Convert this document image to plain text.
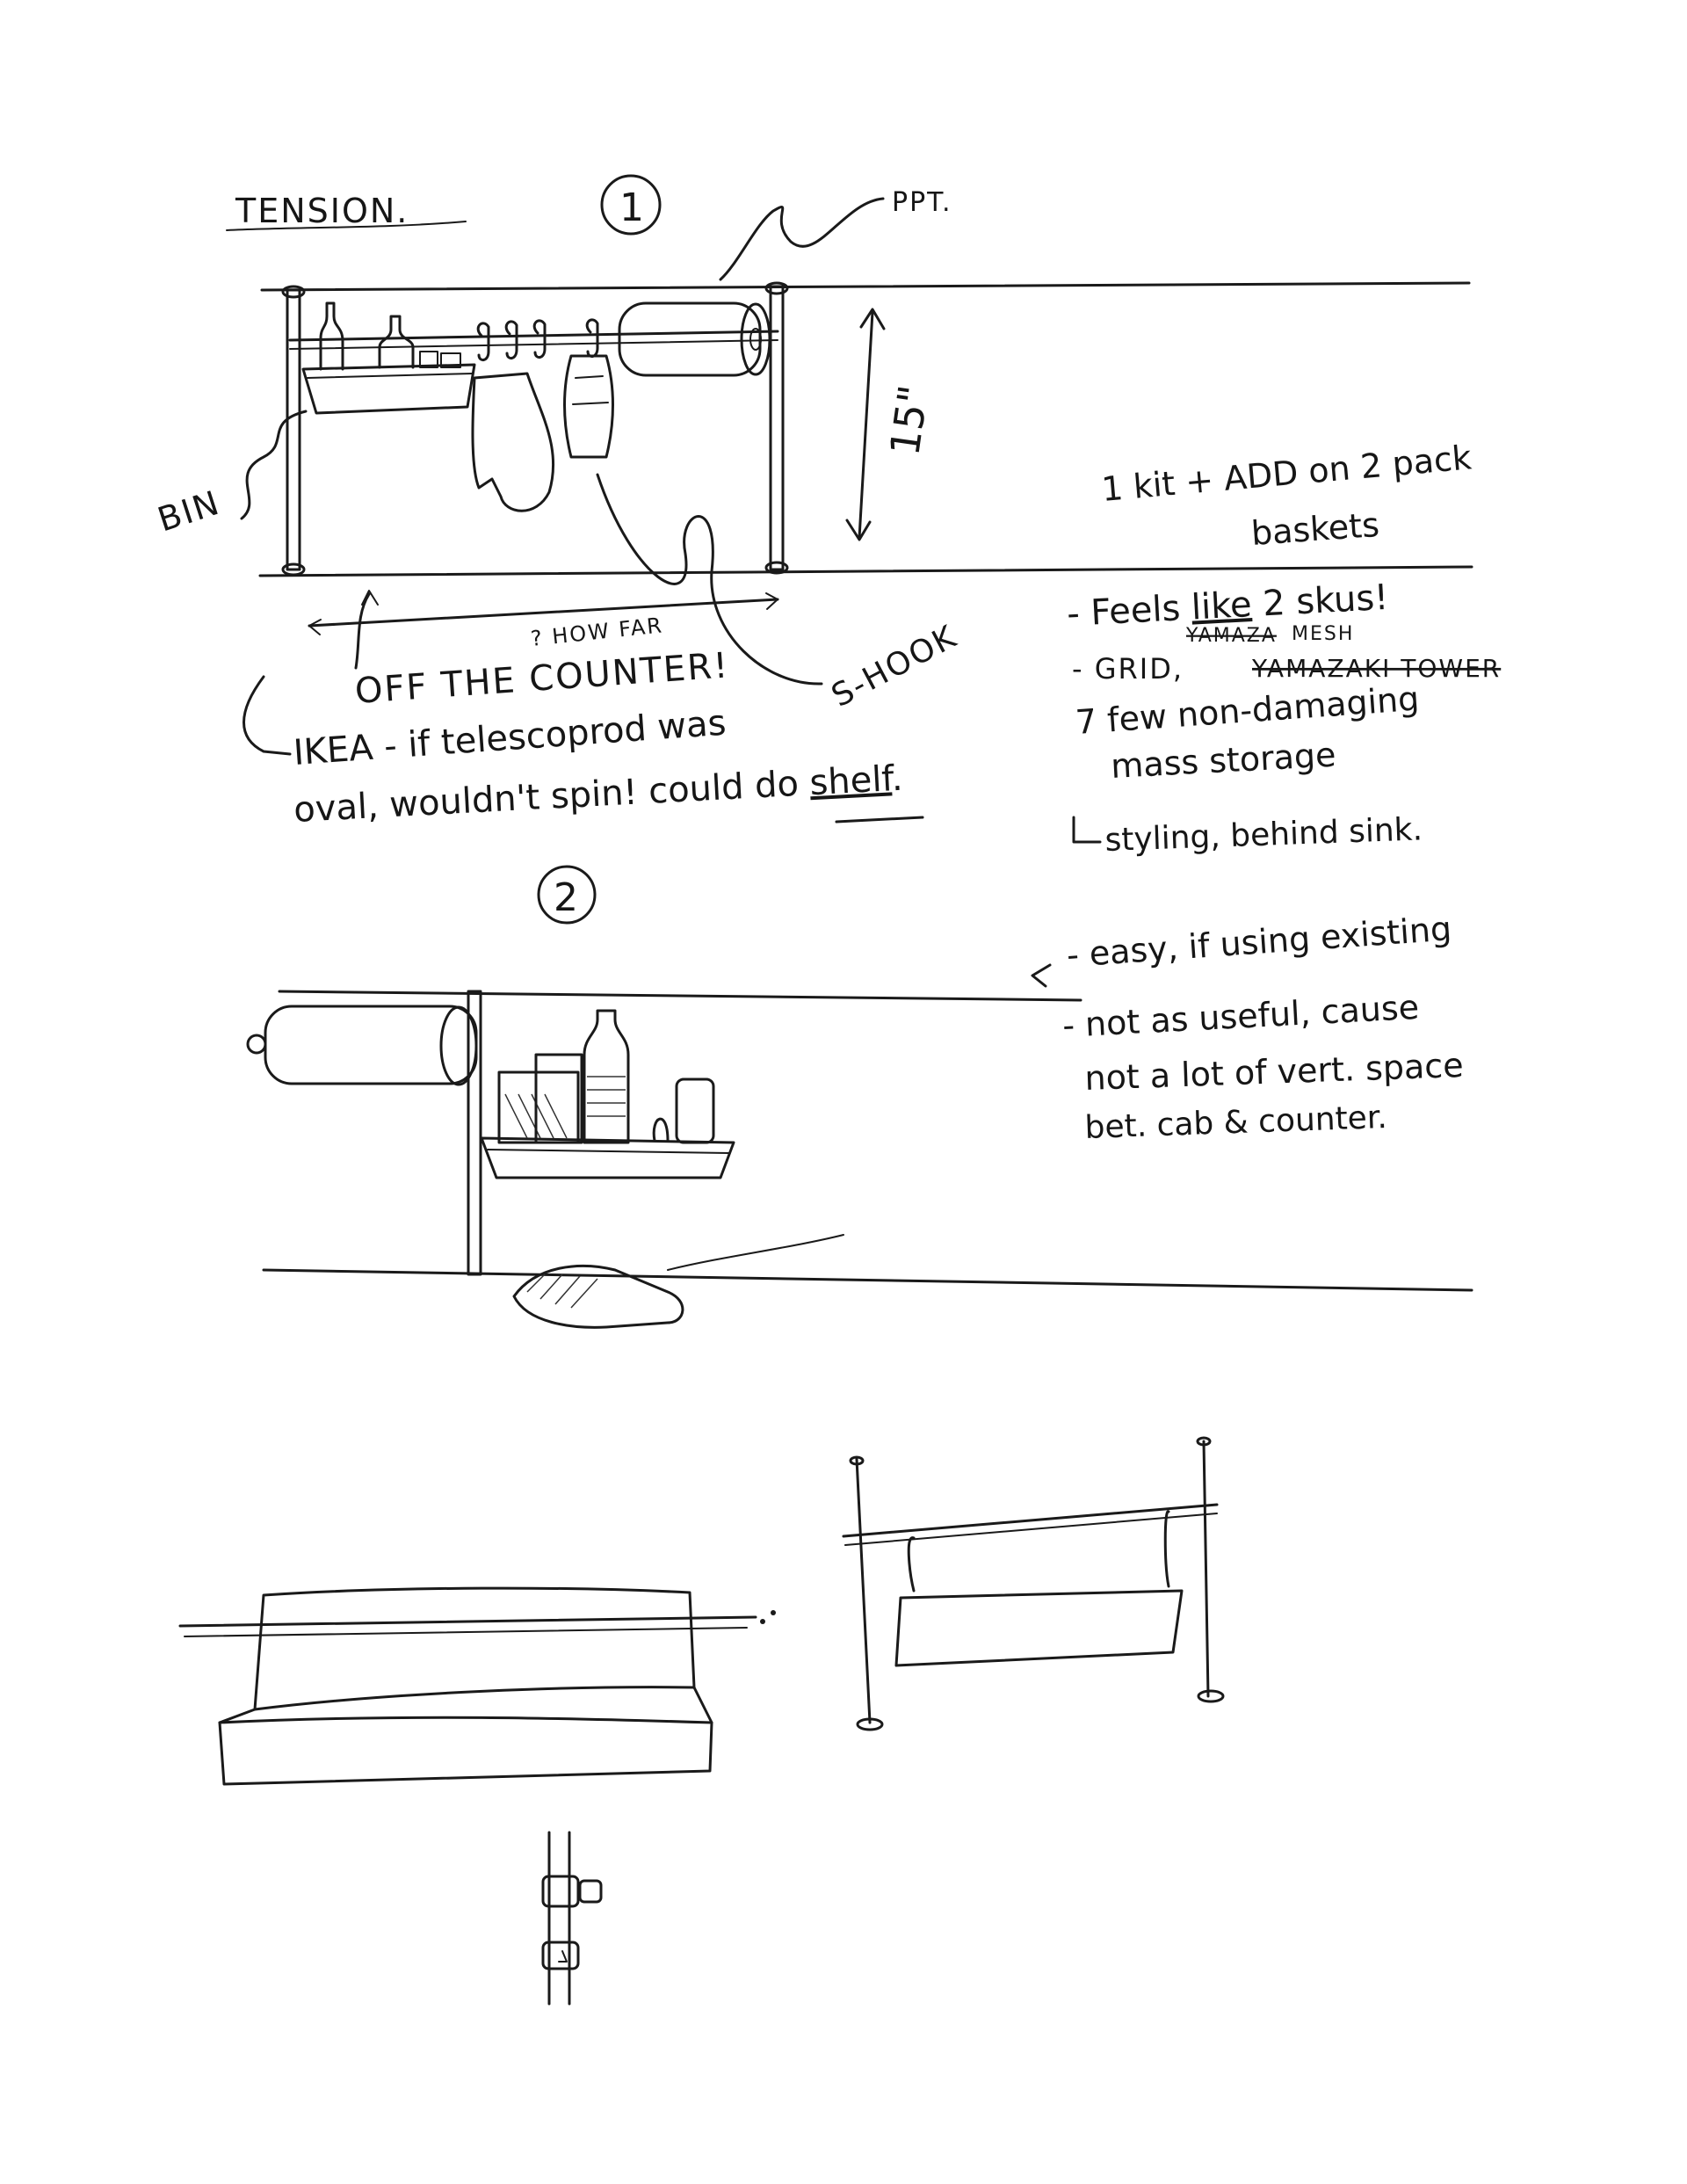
TENSION.	1	PPT.
BIN
15"
? HOW FAR
OFF THE COUNTER!	S-HOOK
IKEA - if telescoprod was
oval, wouldn't spin! could do shelf.
1 kit + ADD on 2 pack
baskets
- Feels like 2 skus!
YAMAZA MESH
- GRID,	YAMAZAKI TOWER
7 few non-damaging
mass storage
styling, behind sink.
2
- easy, if using existing
- not as useful, cause
not a lot of vert. space
bet. cab & counter.
